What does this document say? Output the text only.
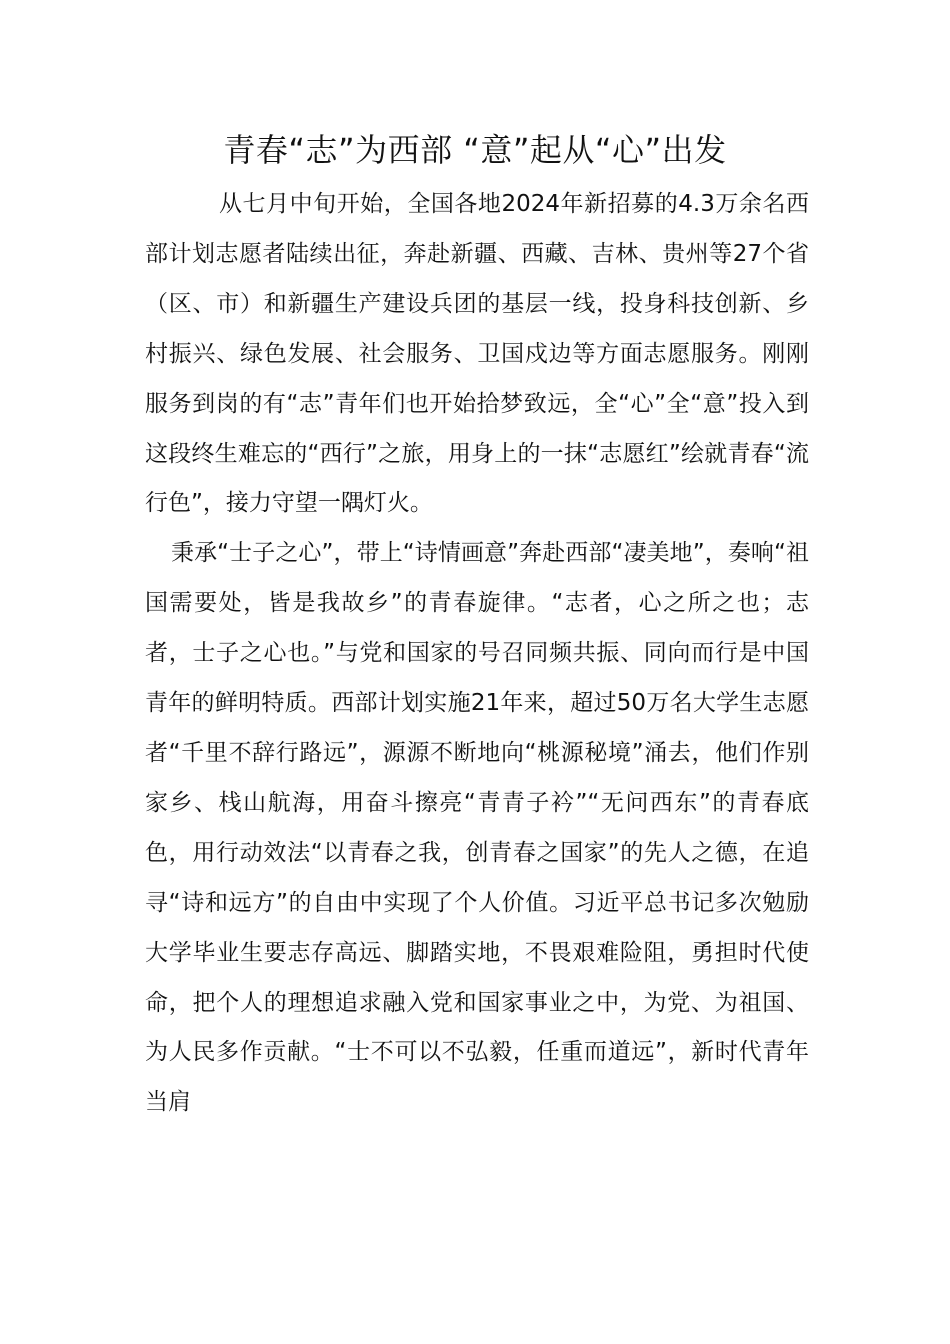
青春“志”为西部 “意”起从“心”出发

从七月中旬开始，全国各地2024年新招募的4.3万余名西部计划志愿者陆续出征，奔赴新疆、西藏、吉林、贵州等27个省（区、市）和新疆生产建设兵团的基层一线，投身科技创新、乡村振兴、绿色发展、社会服务、卫国戍边等方面志愿服务。刚刚服务到岗的有“志”青年们也开始拾梦致远，全“心”全“意”投入到这段终生难忘的“西行”之旅，用身上的一抹“志愿红”绘就青春“流行色”，接力守望一隅灯火。

秉承“士子之心”，带上“诗情画意”奔赴西部“凄美地”，奏响“祖国需要处，皆是我故乡”的青春旋律。“志者，心之所之也；志者，士子之心也。”与党和国家的号召同频共振、同向而行是中国青年的鲜明特质。西部计划实施21年来，超过50万名大学生志愿者“千里不辞行路远”，源源不断地向“桃源秘境”涌去，他们作别家乡、栈山航海，用奋斗擦亮“青青子衿”“无问西东”的青春底色，用行动效法“以青春之我，创青春之国家”的先人之德，在追寻“诗和远方”的自由中实现了个人价值。习近平总书记多次勉励大学毕业生要志存高远、脚踏实地，不畏艰难险阻，勇担时代使命，把个人的理想追求融入党和国家事业之中，为党、为祖国、为人民多作贡献。“士不可以不弘毅，任重而道远”，新时代青年当肩
